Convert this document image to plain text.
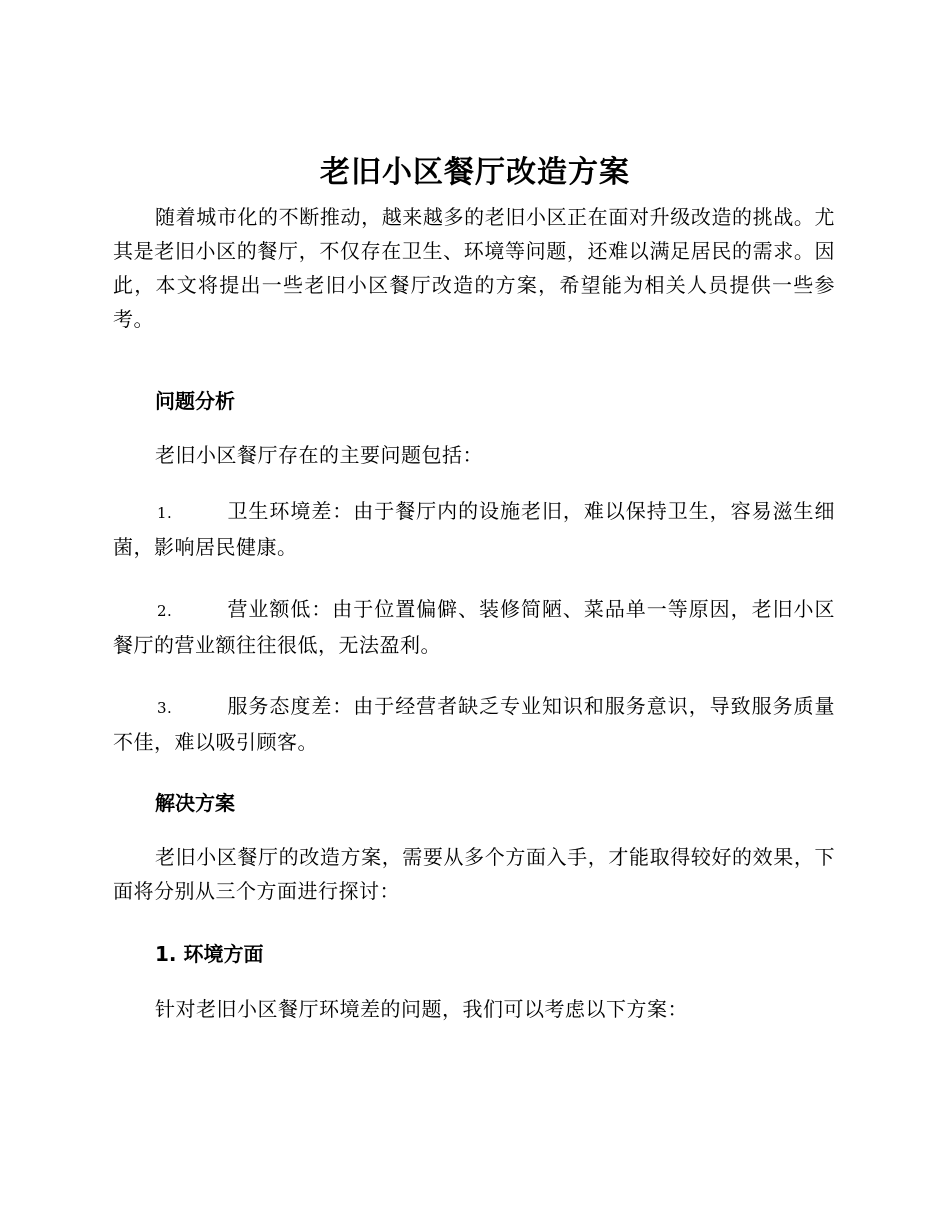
老旧小区餐厅改造方案
随着城市化的不断推动，越来越多的老旧小区正在面对升级改造的挑战。尤其是老旧小区的餐厅，不仅存在卫生、环境等问题，还难以满足居民的需求。因此，本文将提出一些老旧小区餐厅改造的方案，希望能为相关人员提供一些参考。
问题分析
老旧小区餐厅存在的主要问题包括：
1.	卫生环境差：由于餐厅内的设施老旧，难以保持卫生，容易滋生细菌，影响居民健康。
2.	营业额低：由于位置偏僻、装修简陋、菜品单一等原因，老旧小区餐厅的营业额往往很低，无法盈利。
3.	服务态度差：由于经营者缺乏专业知识和服务意识，导致服务质量不佳，难以吸引顾客。
解决方案
老旧小区餐厅的改造方案，需要从多个方面入手，才能取得较好的效果，下面将分别从三个方面进行探讨：
1. 环境方面
针对老旧小区餐厅环境差的问题，我们可以考虑以下方案：
